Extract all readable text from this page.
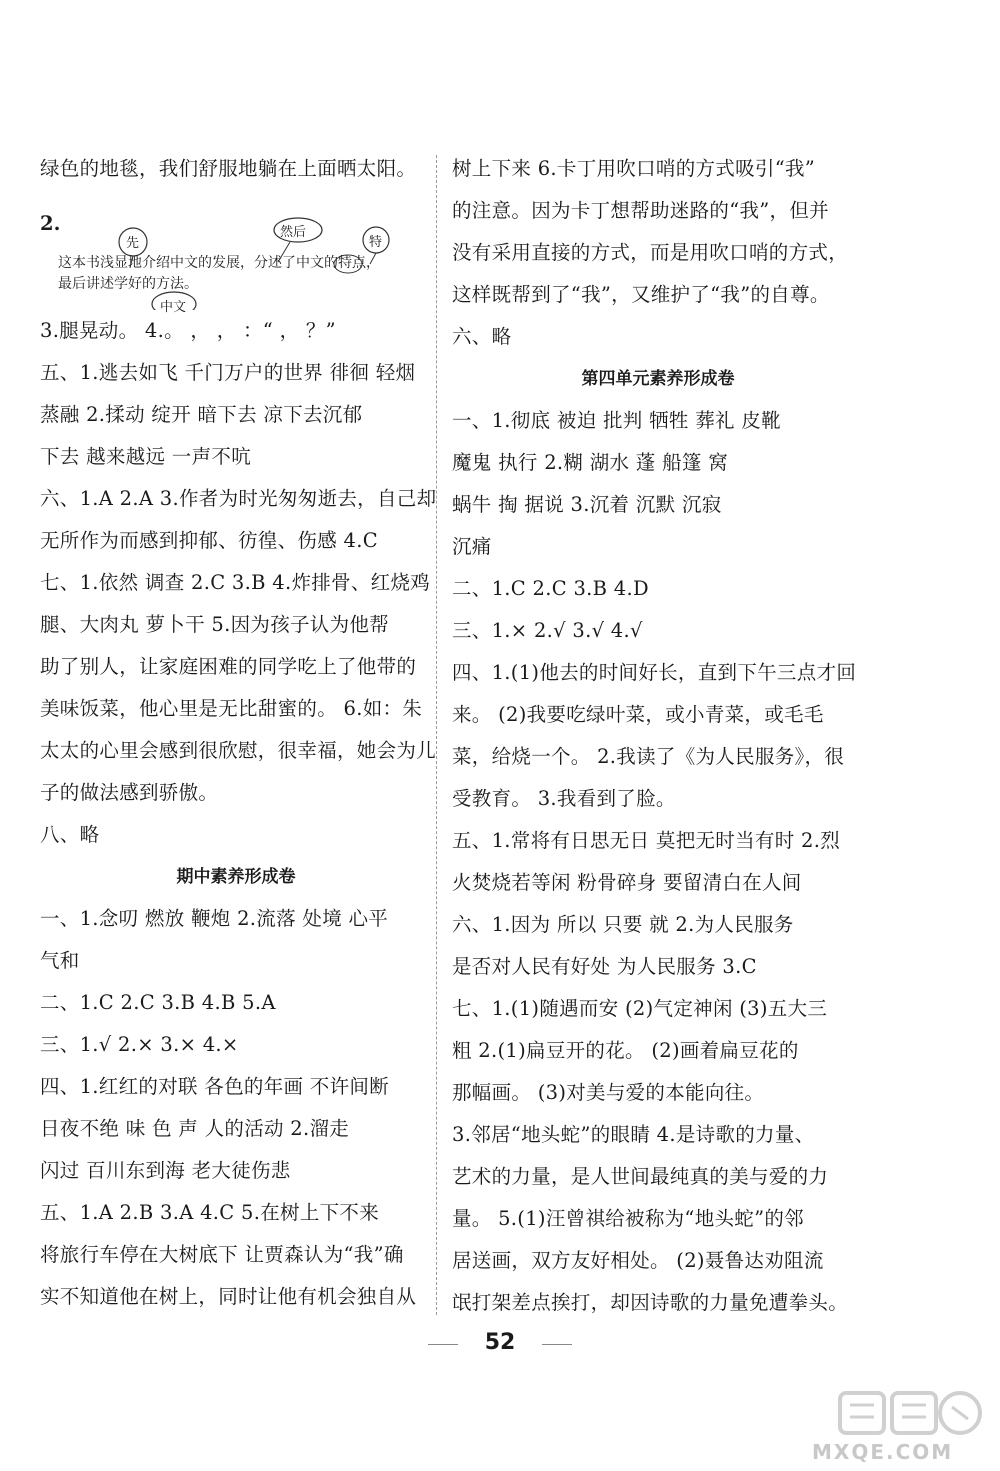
绿色的地毯，我们舒服地躺在上面晒太阳。
2.
先
然后
特
中文
这本书浅显地介绍中文的发展，分述了中文的特点，
最后讲述学好的方法。
3.腿晃动。 4.。 ， ， ：“ ， ？”
五、1.逃去如飞 千门万户的世界 徘徊 轻烟
蒸融 2.揉动 绽开 暗下去 凉下去沉郁
下去 越来越远 一声不吭
六、1.A 2.A 3.作者为时光匆匆逝去，自己却
无所作为而感到抑郁、彷徨、伤感 4.C
七、1.依然 调查 2.C 3.B 4.炸排骨、红烧鸡
腿、大肉丸 萝卜干 5.因为孩子认为他帮
助了别人，让家庭困难的同学吃上了他带的
美味饭菜，他心里是无比甜蜜的。 6.如：朱
太太的心里会感到很欣慰，很幸福，她会为儿
子的做法感到骄傲。
八、略
期中素养形成卷
一、1.念叨 燃放 鞭炮 2.流落 处境 心平
气和
二、1.C 2.C 3.B 4.B 5.A
三、1.√ 2.× 3.× 4.×
四、1.红红的对联 各色的年画 不许间断
日夜不绝 味 色 声 人的活动 2.溜走
闪过 百川东到海 老大徒伤悲
五、1.A 2.B 3.A 4.C 5.在树上下不来
将旅行车停在大树底下 让贾森认为“我”确
实不知道他在树上，同时让他有机会独自从
树上下来 6.卡丁用吹口哨的方式吸引“我”
的注意。因为卡丁想帮助迷路的“我”，但并
没有采用直接的方式，而是用吹口哨的方式，
这样既帮到了“我”，又维护了“我”的自尊。
六、略
第四单元素养形成卷
一、1.彻底 被迫 批判 牺牲 葬礼 皮靴
魔鬼 执行 2.糊 湖水 蓬 船篷 窝
蜗牛 掏 据说 3.沉着 沉默 沉寂
沉痛
二、1.C 2.C 3.B 4.D
三、1.× 2.√ 3.√ 4.√
四、1.(1)他去的时间好长，直到下午三点才回
来。 (2)我要吃绿叶菜，或小青菜，或毛毛
菜，给烧一个。 2.我读了《为人民服务》，很
受教育。 3.我看到了脸。
五、1.常将有日思无日 莫把无时当有时 2.烈
火焚烧若等闲 粉骨碎身 要留清白在人间
六、1.因为 所以 只要 就 2.为人民服务
是否对人民有好处 为人民服务 3.C
七、1.(1)随遇而安 (2)气定神闲 (3)五大三
粗 2.(1)扁豆开的花。 (2)画着扁豆花的
那幅画。 (3)对美与爱的本能向往。
3.邻居“地头蛇”的眼睛 4.是诗歌的力量、
艺术的力量，是人世间最纯真的美与爱的力
量。 5.(1)汪曾祺给被称为“地头蛇”的邻
居送画，双方友好相处。 (2)聂鲁达劝阻流
氓打架差点挨打，却因诗歌的力量免遭拳头。
52
MXQE.COM
